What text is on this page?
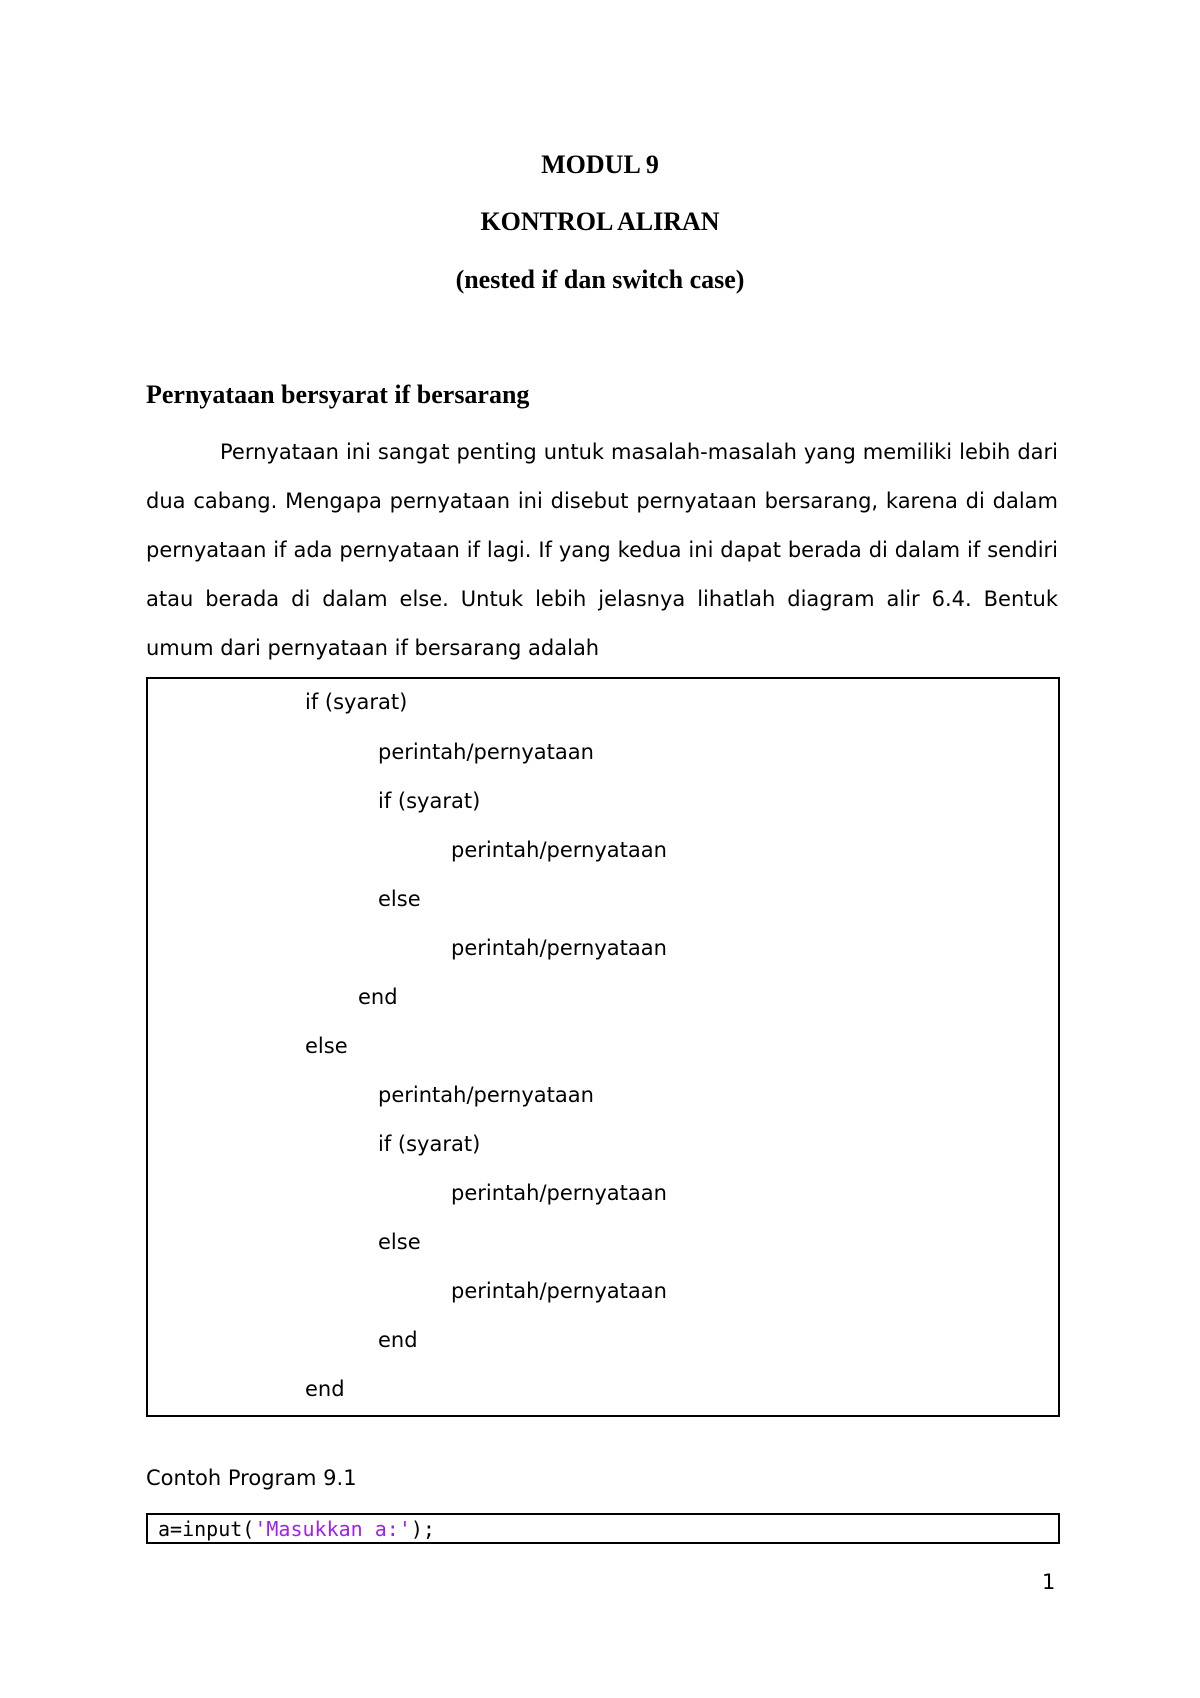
MODUL 9
KONTROL ALIRAN
(nested if dan switch case)
Pernyataan bersyarat if bersarang
Pernyataan ini sangat penting untuk masalah-masalah yang memiliki lebih dari dua cabang. Mengapa pernyataan ini disebut pernyataan bersarang, karena di dalam pernyataan if ada pernyataan if lagi. If yang kedua ini dapat berada di dalam if sendiri atau berada di dalam else. Untuk lebih jelasnya lihatlah diagram alir 6.4. Bentuk umum dari pernyataan if bersarang adalah
if (syarat)
perintah/pernyataan
if (syarat)
perintah/pernyataan
else
perintah/pernyataan
end
else
perintah/pernyataan
if (syarat)
perintah/pernyataan
else
perintah/pernyataan
end
end
Contoh Program 9.1
a=input('Masukkan a:');
1
